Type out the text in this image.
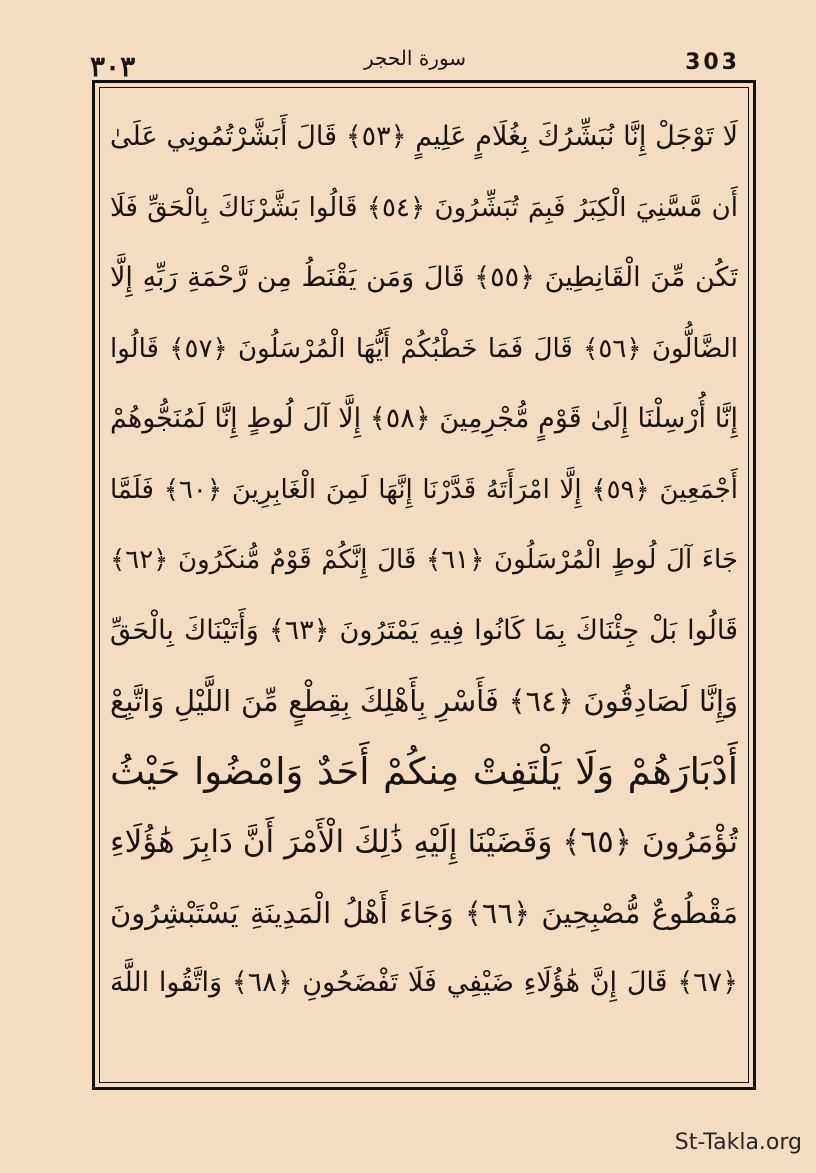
٣٠٣	سورة الحجر	303
لَا تَوْجَلْ إِنَّا نُبَشِّرُكَ بِغُلَامٍ عَلِيمٍ ﴿٥٣﴾ قَالَ أَبَشَّرْتُمُونِي عَلَىٰ
أَن مَّسَّنِيَ الْكِبَرُ فَبِمَ تُبَشِّرُونَ ﴿٥٤﴾ قَالُوا بَشَّرْنَاكَ بِالْحَقِّ فَلَا
تَكُن مِّنَ الْقَانِطِينَ ﴿٥٥﴾ قَالَ وَمَن يَقْنَطُ مِن رَّحْمَةِ رَبِّهِ إِلَّا
الضَّالُّونَ ﴿٥٦﴾ قَالَ فَمَا خَطْبُكُمْ أَيُّهَا الْمُرْسَلُونَ ﴿٥٧﴾ قَالُوا
إِنَّا أُرْسِلْنَا إِلَىٰ قَوْمٍ مُّجْرِمِينَ ﴿٥٨﴾ إِلَّا آلَ لُوطٍ إِنَّا لَمُنَجُّوهُمْ
أَجْمَعِينَ ﴿٥٩﴾ إِلَّا امْرَأَتَهُ قَدَّرْنَا إِنَّهَا لَمِنَ الْغَابِرِينَ ﴿٦٠﴾ فَلَمَّا
جَاءَ آلَ لُوطٍ الْمُرْسَلُونَ ﴿٦١﴾ قَالَ إِنَّكُمْ قَوْمٌ مُّنكَرُونَ ﴿٦٢﴾
قَالُوا بَلْ جِئْنَاكَ بِمَا كَانُوا فِيهِ يَمْتَرُونَ ﴿٦٣﴾ وَأَتَيْنَاكَ بِالْحَقِّ
وَإِنَّا لَصَادِقُونَ ﴿٦٤﴾ فَأَسْرِ بِأَهْلِكَ بِقِطْعٍ مِّنَ اللَّيْلِ وَاتَّبِعْ
أَدْبَارَهُمْ وَلَا يَلْتَفِتْ مِنكُمْ أَحَدٌ وَامْضُوا حَيْثُ
تُؤْمَرُونَ ﴿٦٥﴾ وَقَضَيْنَا إِلَيْهِ ذَٰلِكَ الْأَمْرَ أَنَّ دَابِرَ هَٰؤُلَاءِ
مَقْطُوعٌ مُّصْبِحِينَ ﴿٦٦﴾ وَجَاءَ أَهْلُ الْمَدِينَةِ يَسْتَبْشِرُونَ
﴿٦٧﴾ قَالَ إِنَّ هَٰؤُلَاءِ ضَيْفِي فَلَا تَفْضَحُونِ ﴿٦٨﴾ وَاتَّقُوا اللَّهَ
St-Takla.org
